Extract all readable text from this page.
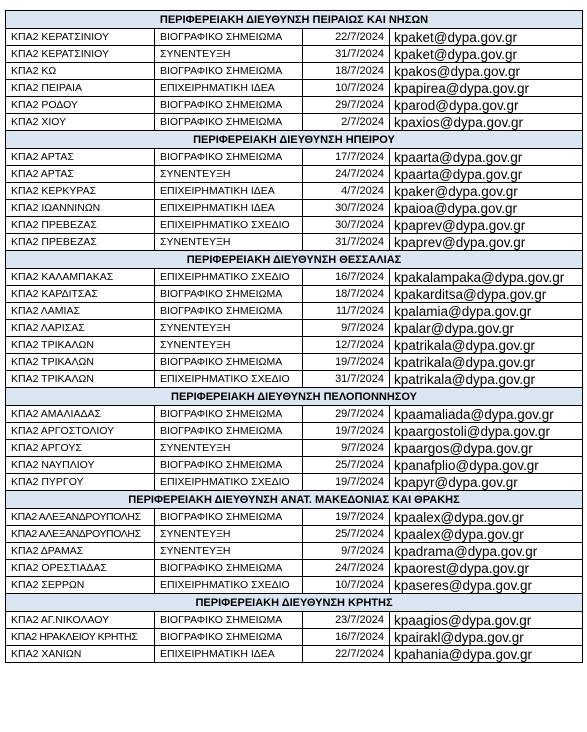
ΠΕΡΙΦΕΡΕΙΑΚΗ ΔΙΕΥΘΥΝΣΗ ΠΕΙΡΑΙΩΣ ΚΑΙ ΝΗΣΩΝ			
ΚΠΑ2 ΚΕΡΑΤΣΙΝΙΟΥ	ΒΙΟΓΡΑΦΙΚΟ ΣΗΜΕΙΩΜΑ	22/7/2024	kpaket@dypa.gov.gr
ΚΠΑ2 ΚΕΡΑΤΣΙΝΙΟΥ	ΣΥΝΕΝΤΕΥΞΗ	31/7/2024	kpaket@dypa.gov.gr
ΚΠΑ2 ΚΩ	ΒΙΟΓΡΑΦΙΚΟ ΣΗΜΕΙΩΜΑ	18/7/2024	kpakos@dypa.gov.gr
ΚΠΑ2 ΠΕΙΡΑΙΑ	ΕΠΙΧΕΙΡΗΜΑΤΙΚΗ ΙΔΕΑ	10/7/2024	kpapirea@dypa.gov.gr
ΚΠΑ2 ΡΟΔΟΥ	ΒΙΟΓΡΑΦΙΚΟ ΣΗΜΕΙΩΜΑ	29/7/2024	kparod@dypa.gov.gr
ΚΠΑ2 ΧΙΟΥ	ΒΙΟΓΡΑΦΙΚΟ ΣΗΜΕΙΩΜΑ	2/7/2024	kpaxios@dypa.gov.gr
ΠΕΡΙΦΕΡΕΙΑΚΗ ΔΙΕΥΘΥΝΣΗ ΗΠΕΙΡΟΥ			
ΚΠΑ2 ΑΡΤΑΣ	ΒΙΟΓΡΑΦΙΚΟ ΣΗΜΕΙΩΜΑ	17/7/2024	kpaarta@dypa.gov.gr
ΚΠΑ2 ΑΡΤΑΣ	ΣΥΝΕΝΤΕΥΞΗ	24/7/2024	kpaarta@dypa.gov.gr
ΚΠΑ2 ΚΕΡΚΥΡΑΣ	ΕΠΙΧΕΙΡΗΜΑΤΙΚΗ ΙΔΕΑ	4/7/2024	kpaker@dypa.gov.gr
ΚΠΑ2 ΙΩΑΝΝΙΝΩΝ	ΕΠΙΧΕΙΡΗΜΑΤΙΚΗ ΙΔΕΑ	30/7/2024	kpaioa@dypa.gov.gr
ΚΠΑ2 ΠΡΕΒΕΖΑΣ	ΕΠΙΧΕΙΡΗΜΑΤΙΚΟ ΣΧΕΔΙΟ	30/7/2024	kpaprev@dypa.gov.gr
ΚΠΑ2 ΠΡΕΒΕΖΑΣ	ΣΥΝΕΝΤΕΥΞΗ	31/7/2024	kpaprev@dypa.gov.gr
ΠΕΡΙΦΕΡΕΙΑΚΗ ΔΙΕΥΘΥΝΣΗ ΘΕΣΣΑΛΙΑΣ			
ΚΠΑ2 ΚΑΛΑΜΠΑΚΑΣ	ΕΠΙΧΕΙΡΗΜΑΤΙΚΟ ΣΧΕΔΙΟ	16/7/2024	kpakalampaka@dypa.gov.gr
ΚΠΑ2 ΚΑΡΔΙΤΣΑΣ	ΒΙΟΓΡΑΦΙΚΟ ΣΗΜΕΙΩΜΑ	18/7/2024	kpakarditsa@dypa.gov.gr
ΚΠΑ2 ΛΑΜΙΑΣ	ΒΙΟΓΡΑΦΙΚΟ ΣΗΜΕΙΩΜΑ	11/7/2024	kpalamia@dypa.gov.gr
ΚΠΑ2 ΛΑΡΙΣΑΣ	ΣΥΝΕΝΤΕΥΞΗ	9/7/2024	kpalar@dypa.gov.gr
ΚΠΑ2 ΤΡΙΚΑΛΩΝ	ΣΥΝΕΝΤΕΥΞΗ	12/7/2024	kpatrikala@dypa.gov.gr
ΚΠΑ2 ΤΡΙΚΑΛΩΝ	ΒΙΟΓΡΑΦΙΚΟ ΣΗΜΕΙΩΜΑ	19/7/2024	kpatrikala@dypa.gov.gr
ΚΠΑ2 ΤΡΙΚΑΛΩΝ	ΕΠΙΧΕΙΡΗΜΑΤΙΚΟ ΣΧΕΔΙΟ	31/7/2024	kpatrikala@dypa.gov.gr
ΠΕΡΙΦΕΡΕΙΑΚΗ ΔΙΕΥΘΥΝΣΗ ΠΕΛΟΠΟΝΝΗΣΟΥ			
ΚΠΑ2 ΑΜΑΛΙΑΔΑΣ	ΒΙΟΓΡΑΦΙΚΟ ΣΗΜΕΙΩΜΑ	29/7/2024	kpaamaliada@dypa.gov.gr
ΚΠΑ2 ΑΡΓΟΣΤΟΛΙΟΥ	ΒΙΟΓΡΑΦΙΚΟ ΣΗΜΕΙΩΜΑ	19/7/2024	kpaargostoli@dypa.gov.gr
ΚΠΑ2 ΑΡΓΟΥΣ	ΣΥΝΕΝΤΕΥΞΗ	9/7/2024	kpaargos@dypa.gov.gr
ΚΠΑ2 ΝΑΥΠΛΙΟΥ	ΒΙΟΓΡΑΦΙΚΟ ΣΗΜΕΙΩΜΑ	25/7/2024	kpanafplio@dypa.gov.gr
ΚΠΑ2 ΠΥΡΓΟΥ	ΕΠΙΧΕΙΡΗΜΑΤΙΚΟ ΣΧΕΔΙΟ	19/7/2024	kpapyr@dypa.gov.gr
ΠΕΡΙΦΕΡΕΙΑΚΗ ΔΙΕΥΘΥΝΣΗ ΑΝΑΤ. ΜΑΚΕΔΟΝΙΑΣ ΚΑΙ ΘΡΑΚΗΣ			
ΚΠΑ2 ΑΛΕΞΑΝΔΡΟΥΠΟΛΗΣ	ΒΙΟΓΡΑΦΙΚΟ ΣΗΜΕΙΩΜΑ	19/7/2024	kpaalex@dypa.gov.gr
ΚΠΑ2 ΑΛΕΞΑΝΔΡΟΥΠΟΛΗΣ	ΣΥΝΕΝΤΕΥΞΗ	25/7/2024	kpaalex@dypa.gov.gr
ΚΠΑ2 ΔΡΑΜΑΣ	ΣΥΝΕΝΤΕΥΞΗ	9/7/2024	kpadrama@dypa.gov.gr
ΚΠΑ2 ΟΡΕΣΤΙΑΔΑΣ	ΒΙΟΓΡΑΦΙΚΟ ΣΗΜΕΙΩΜΑ	24/7/2024	kpaorest@dypa.gov.gr
ΚΠΑ2 ΣΕΡΡΩΝ	ΕΠΙΧΕΙΡΗΜΑΤΙΚΟ ΣΧΕΔΙΟ	10/7/2024	kpaseres@dypa.gov.gr
ΠΕΡΙΦΕΡΕΙΑΚΗ ΔΙΕΥΘΥΝΣΗ ΚΡΗΤΗΣ			
ΚΠΑ2 ΑΓ.ΝΙΚΟΛΑΟΥ	ΒΙΟΓΡΑΦΙΚΟ ΣΗΜΕΙΩΜΑ	23/7/2024	kpaagios@dypa.gov.gr
ΚΠΑ2 ΗΡΑΚΛΕΙΟΥ ΚΡΗΤΗΣ	ΒΙΟΓΡΑΦΙΚΟ ΣΗΜΕΙΩΜΑ	16/7/2024	kpairakl@dypa.gov.gr
ΚΠΑ2 ΧΑΝΙΩΝ	ΕΠΙΧΕΙΡΗΜΑΤΙΚΗ ΙΔΕΑ	22/7/2024	kpahania@dypa.gov.gr
